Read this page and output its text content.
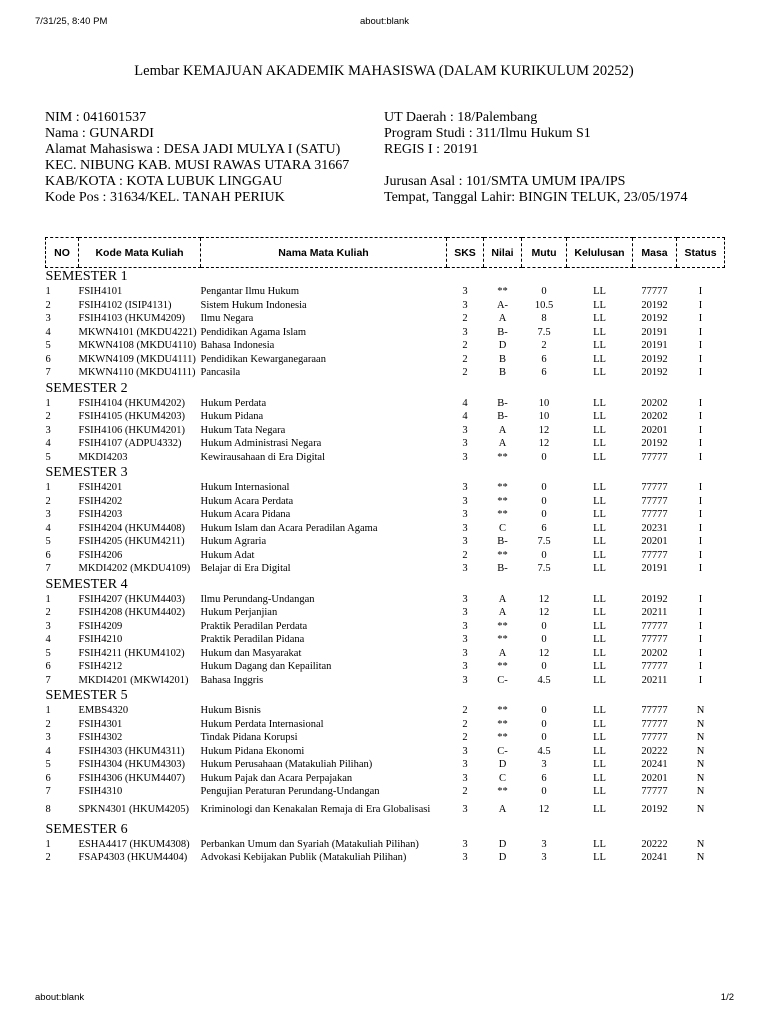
7/31/25, 8:40 PM	about:blank
Lembar KEMAJUAN AKADEMIK MAHASISWA (DALAM KURIKULUM 20252)
NIM : 041601537
Nama : GUNARDI
Alamat Mahasiswa : DESA JADI MULYA I (SATU)
KEC. NIBUNG KAB. MUSI RAWAS UTARA 31667
KAB/KOTA : KOTA LUBUK LINGGAU
Kode Pos : 31634/KEL. TANAH PERIUK
UT Daerah : 18/Palembang
Program Studi : 311/Ilmu Hukum S1
REGIS I : 20191
Jurusan Asal : 101/SMTA UMUM IPA/IPS
Tempat, Tanggal Lahir: BINGIN TELUK, 23/05/1974
NO	Kode Mata Kuliah	Nama Mata Kuliah	SKS	Nilai	Mutu	Kelulusan	Masa	Status
SEMESTER 1								
1	FSIH4101	Pengantar Ilmu Hukum	3	**	0	LL	77777	I
2	FSIH4102 (ISIP4131)	Sistem Hukum Indonesia	3	A-	10.5	LL	20192	I
3	FSIH4103 (HKUM4209)	Ilmu Negara	2	A	8	LL	20192	I
4	MKWN4101 (MKDU4221)	Pendidikan Agama Islam	3	B-	7.5	LL	20191	I
5	MKWN4108 (MKDU4110)	Bahasa Indonesia	2	D	2	LL	20191	I
6	MKWN4109 (MKDU4111)	Pendidikan Kewarganegaraan	2	B	6	LL	20192	I
7	MKWN4110 (MKDU4111)	Pancasila	2	B	6	LL	20192	I
SEMESTER 2								
1	FSIH4104 (HKUM4202)	Hukum Perdata	4	B-	10	LL	20202	I
2	FSIH4105 (HKUM4203)	Hukum Pidana	4	B-	10	LL	20202	I
3	FSIH4106 (HKUM4201)	Hukum Tata Negara	3	A	12	LL	20201	I
4	FSIH4107 (ADPU4332)	Hukum Administrasi Negara	3	A	12	LL	20192	I
5	MKDI4203	Kewirausahaan di Era Digital	3	**	0	LL	77777	I
SEMESTER 3								
1	FSIH4201	Hukum Internasional	3	**	0	LL	77777	I
2	FSIH4202	Hukum Acara Perdata	3	**	0	LL	77777	I
3	FSIH4203	Hukum Acara Pidana	3	**	0	LL	77777	I
4	FSIH4204 (HKUM4408)	Hukum Islam dan Acara Peradilan Agama	3	C	6	LL	20231	I
5	FSIH4205 (HKUM4211)	Hukum Agraria	3	B-	7.5	LL	20201	I
6	FSIH4206	Hukum Adat	2	**	0	LL	77777	I
7	MKDI4202 (MKDU4109)	Belajar di Era Digital	3	B-	7.5	LL	20191	I
SEMESTER 4								
1	FSIH4207 (HKUM4403)	Ilmu Perundang-Undangan	3	A	12	LL	20192	I
2	FSIH4208 (HKUM4402)	Hukum Perjanjian	3	A	12	LL	20211	I
3	FSIH4209	Praktik Peradilan Perdata	3	**	0	LL	77777	I
4	FSIH4210	Praktik Peradilan Pidana	3	**	0	LL	77777	I
5	FSIH4211 (HKUM4102)	Hukum dan Masyarakat	3	A	12	LL	20202	I
6	FSIH4212	Hukum Dagang dan Kepailitan	3	**	0	LL	77777	I
7	MKDI4201 (MKWI4201)	Bahasa Inggris	3	C-	4.5	LL	20211	I
SEMESTER 5								
1	EMBS4320	Hukum Bisnis	2	**	0	LL	77777	N
2	FSIH4301	Hukum Perdata Internasional	2	**	0	LL	77777	N
3	FSIH4302	Tindak Pidana Korupsi	2	**	0	LL	77777	N
4	FSIH4303 (HKUM4311)	Hukum Pidana Ekonomi	3	C-	4.5	LL	20222	N
5	FSIH4304 (HKUM4303)	Hukum Perusahaan (Matakuliah Pilihan)	3	D	3	LL	20241	N
6	FSIH4306 (HKUM4407)	Hukum Pajak dan Acara Perpajakan	3	C	6	LL	20201	N
7	FSIH4310	Pengujian Peraturan Perundang-Undangan	2	**	0	LL	77777	N
8	SPKN4301 (HKUM4205)	Kriminologi dan Kenakalan Remaja di Era Globalisasi	3	A	12	LL	20192	N
SEMESTER 6								
1	ESHA4417 (HKUM4308)	Perbankan Umum dan Syariah (Matakuliah Pilihan)	3	D	3	LL	20222	N
2	FSAP4303 (HKUM4404)	Advokasi Kebijakan Publik (Matakuliah Pilihan)	3	D	3	LL	20241	N
about:blank	1/2
